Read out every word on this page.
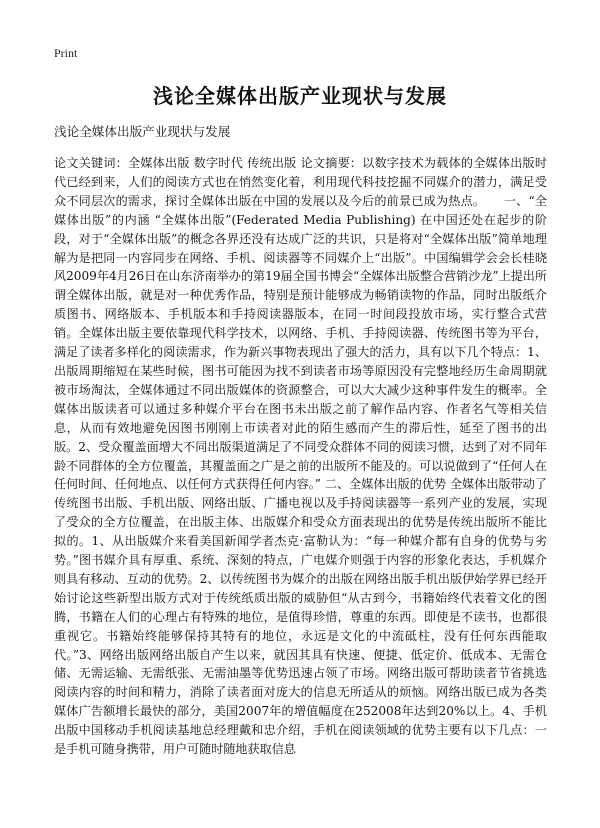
Print
浅论全媒体出版产业现状与发展

浅论全媒体出版产业现状与发展

论文关键词：全媒体出版 数字时代 传统出版 论文摘要：以数字技术为载体的全媒体出版时代已经到来，人们的阅读方式也在悄然变化着，利用现代科技挖掘不同媒介的潜力，满足受众不同层次的需求，探讨全媒体出版在中国的发展以及今后的前景已成为热点。　　一、“全媒体出版”的内涵 “全媒体出版”(Federated Media Publishing) 在中国还处在起步的阶段，对于“全媒体出版”的概念各界还没有达成广泛的共识，只是将对“全媒体出版”简单地理解为是把同一内容同步在网络、手机、阅读器等不同媒介上“出版”。中国编辑学会会长桂晓风2009年4月26日在山东济南举办的第19届全国书博会“全媒体出版整合营销沙龙”上提出所谓全媒体出版，就是对一种优秀作品，特别是预计能够成为畅销读物的作品，同时出版纸介质图书、网络版本、手机版本和手持阅读器版本，在同一时间段投放市场，实行整合式营销。全媒体出版主要依靠现代科学技术，以网络、手机、手持阅读器、传统图书等为平台，满足了读者多样化的阅读需求，作为新兴事物表现出了强大的活力，具有以下几个特点：1、出版周期缩短在某些时候，图书可能因为找不到读者市场等原因没有完整地经历生命周期就被市场淘汰，全媒体通过不同出版媒体的资源整合，可以大大减少这种事件发生的概率。全媒体出版读者可以通过多种媒介平台在图书未出版之前了解作品内容、作者名气等相关信息，从而有效地避免因图书刚刚上市读者对此的陌生感而产生的滞后性，延至了图书的出版。2、受众覆盖面增大不同出版渠道满足了不同受众群体不同的阅读习惯，达到了对不同年龄不同群体的全方位覆盖，其覆盖面之广是之前的出版所不能及的。可以说做到了“任何人在任何时间、任何地点、以任何方式获得任何内容。” 二、全媒体出版的优势 全媒体出版带动了传统图书出版、手机出版、网络出版、广播电视以及手持阅读器等一系列产业的发展，实现了受众的全方位覆盖，在出版主体、出版媒介和受众方面表现出的优势是传统出版所不能比拟的。1、从出版媒介来看美国新闻学者杰克·富勒认为：“每一种媒介都有自身的优势与劣势。”图书媒介具有厚重、系统、深刻的特点，广电媒介则强于内容的形象化表达，手机媒介则具有移动、互动的优势。2、以传统图书为媒介的出版在网络出版手机出版伊始学界已经开始讨论这些新型出版方式对于传统纸质出版的威胁但“从古到今，书籍始终代表着文化的图腾，书籍在人们的心理占有特殊的地位，是值得珍惜，尊重的东西。即使是不读书，也都很重视它。书籍始终能够保持其特有的地位，永远是文化的中流砥柱，没有任何东西能取代。”3、网络出版网络出版自产生以来，就因其具有快速、便捷、低定价、低成本、无需仓储、无需运输、无需纸张、无需油墨等优势迅速占领了市场。网络出版可帮助读者节省挑选阅读内容的时间和精力，消除了读者面对庞大的信息无所适从的烦恼。网络出版已成为各类媒体广告额增长最快的部分，美国2007年的增值幅度在252008年达到20%以上。4、手机出版中国移动手机阅读基地总经理戴和忠介绍，手机在阅读领域的优势主要有以下几点：一是手机可随身携带，用户可随时随地获取信息
